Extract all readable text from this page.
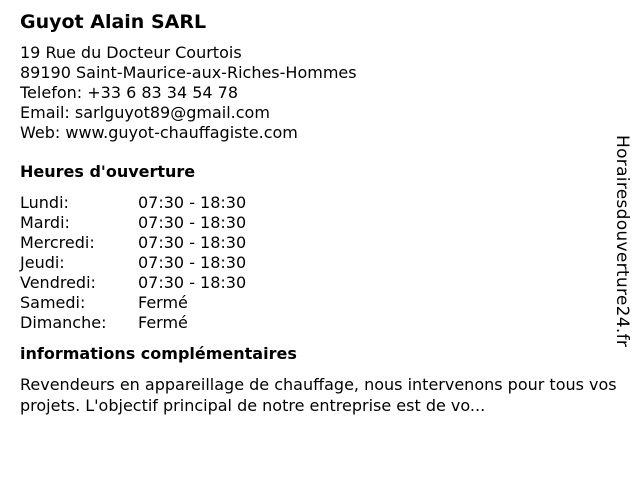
Guyot Alain SARL
19 Rue du Docteur Courtois
89190 Saint-Maurice-aux-Riches-Hommes
Telefon: +33 6 83 34 54 78
Email: sarlguyot89@gmail.com
Web: www.guyot-chauffagiste.com
Heures d'ouverture
Lundi:	07:30 - 18:30
Mardi:	07:30 - 18:30
Mercredi:	07:30 - 18:30
Jeudi:	07:30 - 18:30
Vendredi:	07:30 - 18:30
Samedi:	Fermé
Dimanche:	Fermé
informations complémentaires
Revendeurs en appareillage de chauffage, nous intervenons pour tous vos projets. L'objectif principal de notre entreprise est de vo...
Horairesdouverture24.fr
